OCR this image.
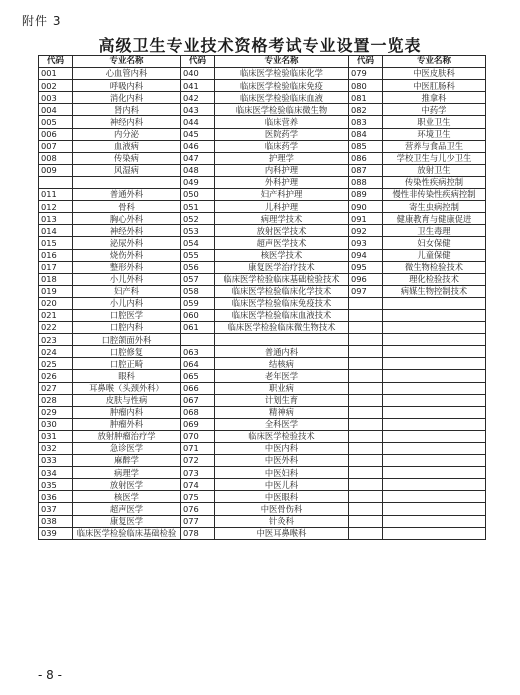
附件 3
高级卫生专业技术资格考试专业设置一览表
代码	专业名称	代码	专业名称	代码	专业名称
001	心血管内科	040	临床医学检验临床化学	079	中医皮肤科
002	呼吸内科	041	临床医学检验临床免疫	080	中医肛肠科
003	消化内科	042	临床医学检验临床血液	081	推拿科
004	肾内科	043	临床医学检验临床微生物	082	中药学
005	神经内科	044	临床营养	083	职业卫生
006	内分泌	045	医院药学	084	环境卫生
007	血液病	046	临床药学	085	营养与食品卫生
008	传染病	047	护理学	086	学校卫生与儿少卫生
009	风湿病	048	内科护理	087	放射卫生
		049	外科护理	088	传染性疾病控制
011	普通外科	050	妇产科护理	089	慢性非传染性疾病控制
012	骨科	051	儿科护理	090	寄生虫病控制
013	胸心外科	052	病理学技术	091	健康教育与健康促进
014	神经外科	053	放射医学技术	092	卫生毒理
015	泌尿外科	054	超声医学技术	093	妇女保健
016	烧伤外科	055	核医学技术	094	儿童保健
017	整形外科	056	康复医学治疗技术	095	微生物检验技术
018	小儿外科	057	临床医学检验临床基础检验技术	096	理化检验技术
019	妇产科	058	临床医学检验临床化学技术	097	病媒生物控制技术
020	小儿内科	059	临床医学检验临床免疫技术		
021	口腔医学	060	临床医学检验临床血液技术		
022	口腔内科	061	临床医学检验临床微生物技术		
023	口腔颌面外科				
024	口腔修复	063	普通内科		
025	口腔正畸	064	结核病		
026	眼科	065	老年医学		
027	耳鼻喉（头颈外科）	066	职业病		
028	皮肤与性病	067	计划生育		
029	肿瘤内科	068	精神病		
030	肿瘤外科	069	全科医学		
031	放射肿瘤治疗学	070	临床医学检验技术		
032	急诊医学	071	中医内科		
033	麻醉学	072	中医外科		
034	病理学	073	中医妇科		
035	放射医学	074	中医儿科		
036	核医学	075	中医眼科		
037	超声医学	076	中医骨伤科		
038	康复医学	077	针灸科		
039	临床医学检验临床基础检验	078	中医耳鼻喉科		
- 8 -
